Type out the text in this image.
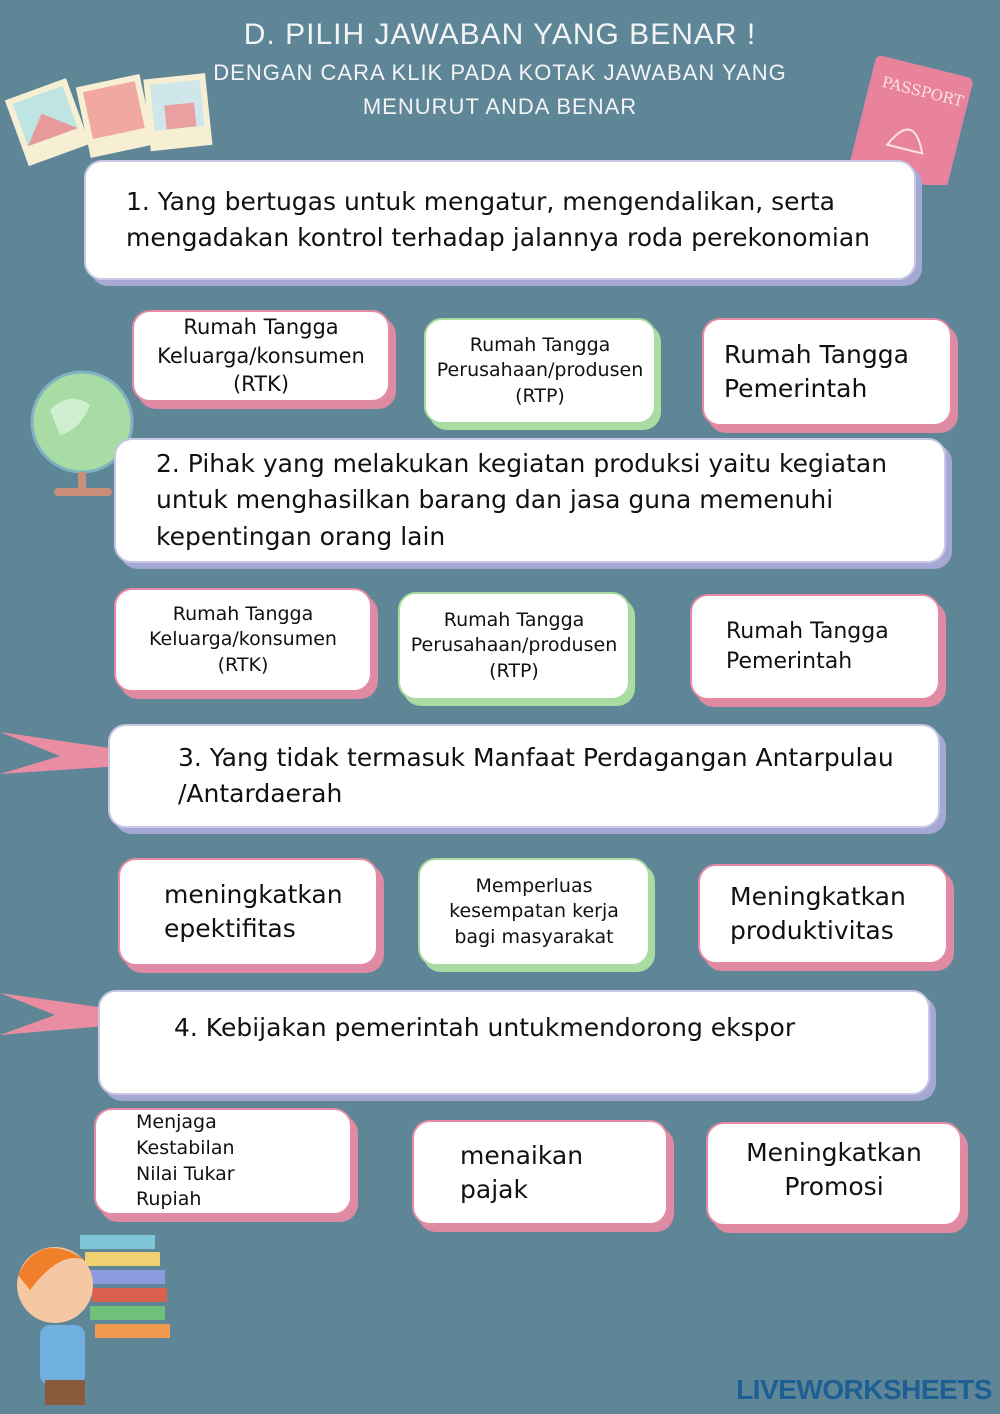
D. PILIH JAWABAN YANG BENAR !
DENGAN CARA KLIK PADA KOTAK JAWABAN YANG
MENURUT ANDA BENAR	PASSPORT
1. Yang bertugas untuk mengatur, mengendalikan, serta mengadakan kontrol terhadap jalannya roda perekonomian
Rumah Tangga Keluarga/konsumen (RTK)
Rumah Tangga Perusahaan/produsen (RTP)
Rumah Tangga Pemerintah
2. Pihak yang melakukan kegiatan produksi yaitu kegiatan untuk menghasilkan barang dan jasa guna memenuhi kepentingan orang lain
Rumah Tangga Keluarga/konsumen (RTK)
Rumah Tangga Perusahaan/produsen (RTP)
Rumah Tangga Pemerintah
3. Yang tidak termasuk Manfaat Perdagangan Antarpulau /Antardaerah
meningkatkan epektifitas
Memperluas kesempatan kerja bagi masyarakat
Meningkatkan produktivitas
4. Kebijakan pemerintah untukmendorong ekspor
Menjaga Kestabilan Nilai Tukar Rupiah
menaikan pajak
Meningkatkan Promosi
LIVEWORKSHEETS
